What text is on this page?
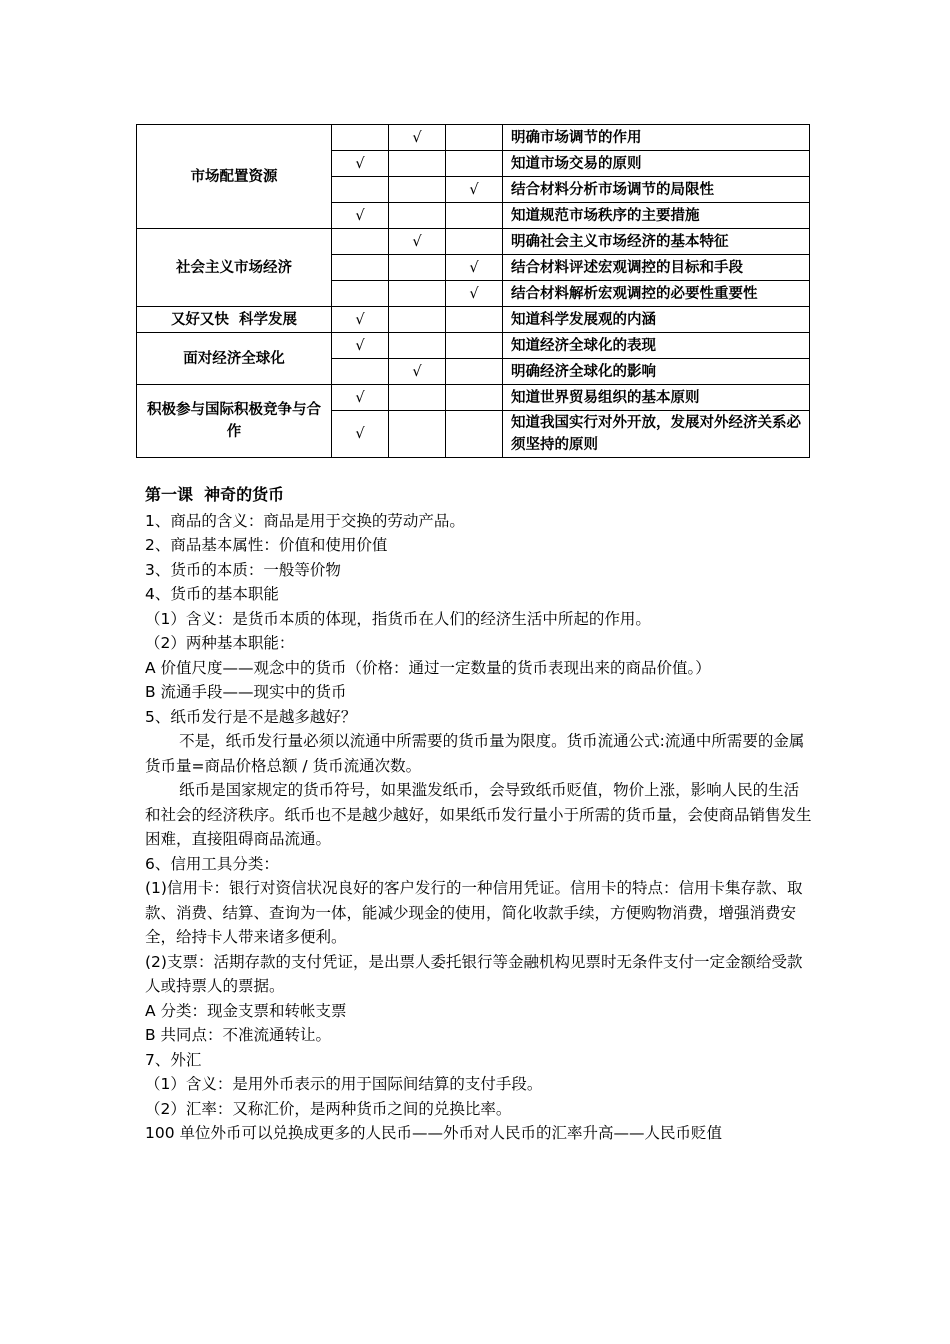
市场配置资源		√		明确市场调节的作用
	√			知道市场交易的原则
			√	结合材料分析市场调节的局限性
	√			知道规范市场秩序的主要措施
社会主义市场经济		√		明确社会主义市场经济的基本特征
			√	结合材料评述宏观调控的目标和手段
			√	结合材料解析宏观调控的必要性重要性
又好又快  科学发展	√			知道科学发展观的内涵
面对经济全球化	√			知道经济全球化的表现
		√		明确经济全球化的影响
积极参与国际积极竞争与合作	√			知道世界贸易组织的基本原则
	√			知道我国实行对外开放，发展对外经济关系必须坚持的原则

第一课  神奇的货币

1、商品的含义：商品是用于交换的劳动产品。

2、商品基本属性：价值和使用价值

3、货币的本质：一般等价物

4、货币的基本职能

（1）含义：是货币本质的体现，指货币在人们的经济生活中所起的作用。

（2）两种基本职能：

A 价值尺度——观念中的货币（价格：通过一定数量的货币表现出来的商品价值。）

B 流通手段——现实中的货币

5、纸币发行是不是越多越好？

不是，纸币发行量必须以流通中所需要的货币量为限度。货币流通公式:流通中所需要的金属货币量=商品价格总额 / 货币流通次数。

纸币是国家规定的货币符号，如果滥发纸币，会导致纸币贬值，物价上涨，影响人民的生活和社会的经济秩序。纸币也不是越少越好，如果纸币发行量小于所需的货币量，会使商品销售发生困难，直接阻碍商品流通。

6、信用工具分类：

(1)信用卡：银行对资信状况良好的客户发行的一种信用凭证。信用卡的特点：信用卡集存款、取款、消费、结算、查询为一体，能减少现金的使用，简化收款手续，方便购物消费，增强消费安全，给持卡人带来诸多便利。

(2)支票：活期存款的支付凭证，是出票人委托银行等金融机构见票时无条件支付一定金额给受款人或持票人的票据。

A 分类：现金支票和转帐支票

B 共同点：不准流通转让。

7、外汇

（1）含义：是用外币表示的用于国际间结算的支付手段。

（2）汇率：又称汇价，是两种货币之间的兑换比率。

100 单位外币可以兑换成更多的人民币——外币对人民币的汇率升高——人民币贬值
